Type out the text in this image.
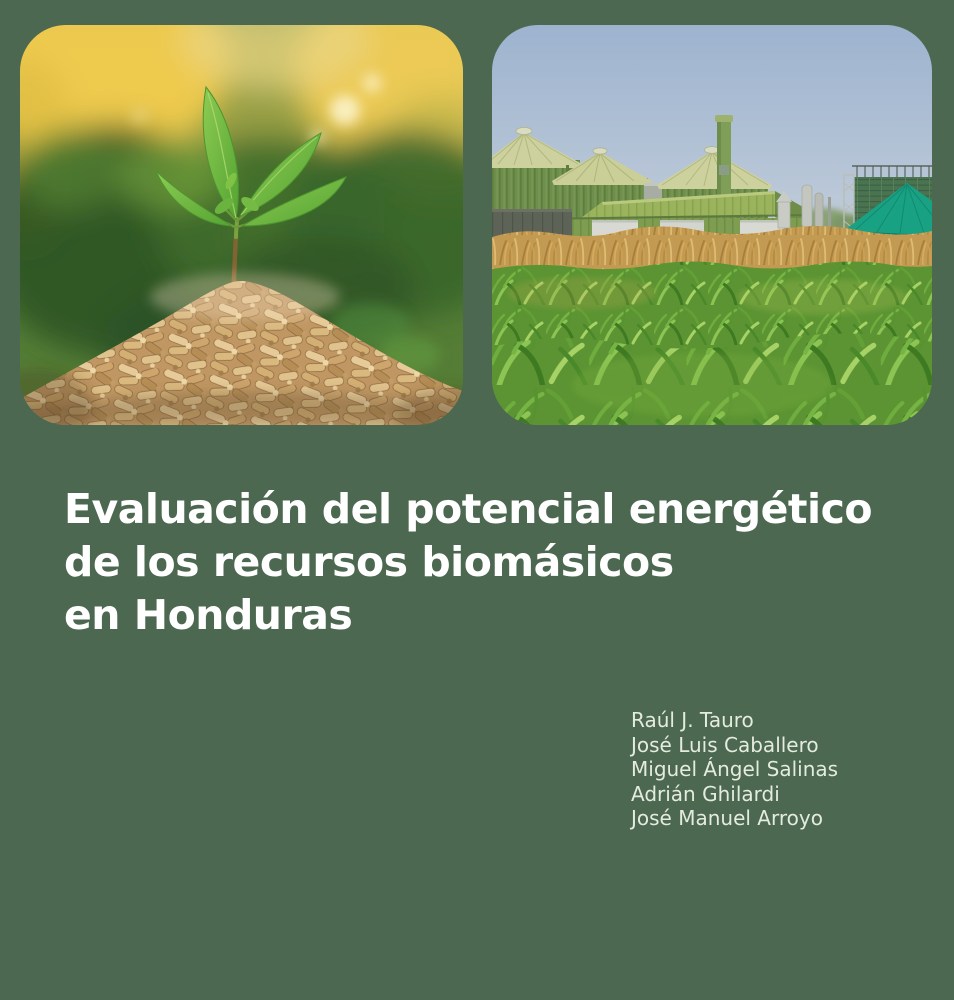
Evaluación del potencial energético
de los recursos biomásicos
en Honduras
Raúl J. Tauro
José Luis Caballero
Miguel Ángel Salinas
Adrián Ghilardi
José Manuel Arroyo
